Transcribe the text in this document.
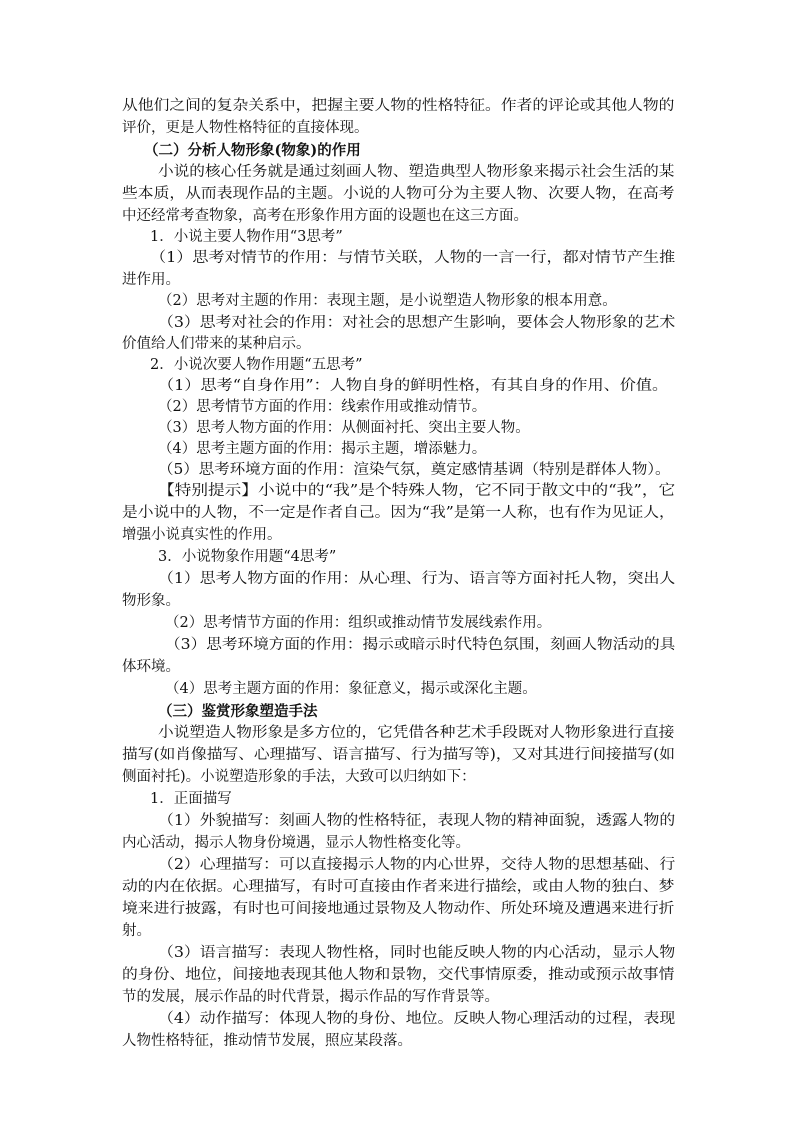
从他们之间的复杂关系中，把握主要人物的性格特征。作者的评论或其他人物的
评价，更是人物性格特征的直接体现。
（二）分析人物形象(物象)的作用
小说的核心任务就是通过刻画人物、塑造典型人物形象来揭示社会生活的某
些本质，从而表现作品的主题。小说的人物可分为主要人物、次要人物，在高考
中还经常考查物象，高考在形象作用方面的设题也在这三方面。
1．小说主要人物作用“3思考”
（1）思考对情节的作用：与情节关联，人物的一言一行，都对情节产生推
进作用。
（2）思考对主题的作用：表现主题，是小说塑造人物形象的根本用意。
（3）思考对社会的作用：对社会的思想产生影响，要体会人物形象的艺术
价值给人们带来的某种启示。
2．小说次要人物作用题“五思考”
（1）思考“自身作用”：人物自身的鲜明性格，有其自身的作用、价值。
（2）思考情节方面的作用：线索作用或推动情节。
（3）思考人物方面的作用：从侧面衬托、突出主要人物。
（4）思考主题方面的作用：揭示主题，增添魅力。
（5）思考环境方面的作用：渲染气氛，奠定感情基调（特别是群体人物）。
【特别提示】小说中的“我”是个特殊人物，它不同于散文中的“我”，它
是小说中的人物，不一定是作者自己。因为“我”是第一人称，也有作为见证人，
增强小说真实性的作用。
3．小说物象作用题“4思考”
（1）思考人物方面的作用：从心理、行为、语言等方面衬托人物，突出人
物形象。
（2）思考情节方面的作用：组织或推动情节发展线索作用。
（3）思考环境方面的作用：揭示或暗示时代特色氛围，刻画人物活动的具
体环境。
（4）思考主题方面的作用：象征意义，揭示或深化主题。
（三）鉴赏形象塑造手法
小说塑造人物形象是多方位的，它凭借各种艺术手段既对人物形象进行直接
描写(如肖像描写、心理描写、语言描写、行为描写等)，又对其进行间接描写(如
侧面衬托)。小说塑造形象的手法，大致可以归纳如下：
1．正面描写
（1）外貌描写：刻画人物的性格特征，表现人物的精神面貌，透露人物的
内心活动，揭示人物身份境遇，显示人物性格变化等。
（2）心理描写：可以直接揭示人物的内心世界，交待人物的思想基础、行
动的内在依据。心理描写，有时可直接由作者来进行描绘，或由人物的独白、梦
境来进行披露，有时也可间接地通过景物及人物动作、所处环境及遭遇来进行折
射。
（3）语言描写：表现人物性格，同时也能反映人物的内心活动，显示人物
的身份、地位，间接地表现其他人物和景物，交代事情原委，推动或预示故事情
节的发展，展示作品的时代背景，揭示作品的写作背景等。
（4）动作描写：体现人物的身份、地位。反映人物心理活动的过程，表现
人物性格特征，推动情节发展，照应某段落。
